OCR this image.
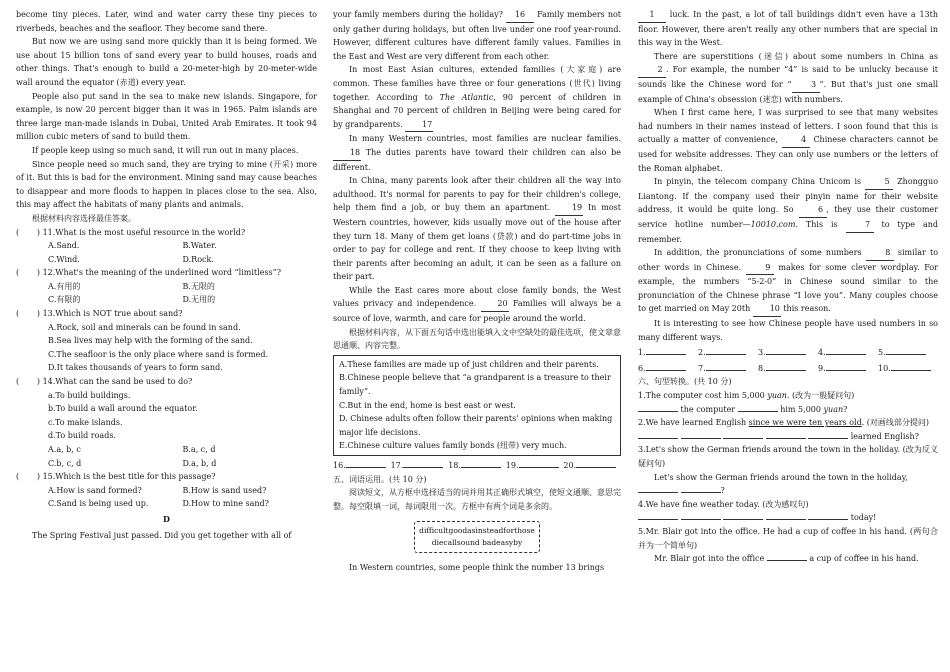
become tiny pieces. Later, wind and water carry these tiny pieces to riverbeds, beaches and the seafloor. They become sand there.

But now we are using sand more quickly than it is being formed. We use about 15 billion tons of sand every year to build houses, roads and other things. That's enough to build a 20-meter-high by 20-meter-wide wall around the equator (赤道) every year.

People also put sand in the sea to make new islands. Singapore, for example, is now 20 percent bigger than it was in 1965. Palm islands are three large man-made islands in Dubai, United Arab Emirates. It took 94 million cubic meters of sand to build them.

If people keep using so much sand, it will run out in many places.

Since people need so much sand, they are trying to mine (开采) more of it. But this is bad for the environment. Mining sand may cause beaches to disappear and more floods to happen in places close to the sea. Also, this may affect the habitats of many plants and animals.

根据材料内容选择最佳答案。

(       ) 11.What is the most useful resource in the world?

A.Sand.	B.Water.
C.Wind.	D.Rock.

(       ) 12.What's the meaning of the underlined word “limitless”?

A.有用的	B.无限的
C.有限的	D.无用的

(       ) 13.Which is NOT true about sand?

A.Rock, soil and minerals can be found in sand.

B.Sea lives may help with the forming of the sand.

C.The seafloor is the only place where sand is formed.

D.It takes thousands of years to form sand.

(       ) 14.What can the sand be used to do?

a.To build buildings.

b.To build a wall around the equator.

c.To make islands.

d.To build roads.

A.a, b, c	B.a, c, d
C.b, c, d	D.a, b, d

(       ) 15.Which is the best title for this passage?

A.How is sand formed?	B.How is sand used?
C.Sand is being used up.	D.How to mine sand?

D

The Spring Festival just passed. Did you get together with all of

your family members during the holiday? 16 Family members not only gather during holidays, but often live under one roof year-round. However, different cultures have different family values. Families in the East and West are very different from each other.

In most East Asian cultures, extended families (大家庭) are common. These families have three or four generations (世代) living together. According to The Atlantic, 90 percent of children in Shanghai and 70 percent of children in Beijing were being cared for by grandparents. 17

In many Western countries, most families are nuclear families. 18 The duties parents have toward their children can also be different.

In China, many parents look after their children all the way into adulthood. It's normal for parents to pay for their children's college, help them find a job, or buy them an apartment.	19 In most Western countries, however, kids usually move out of the house after they turn 18. Many of them get loans (贷款) and do part-time jobs in order to pay for college and rent. If they choose to keep living with their parents after becoming an adult, it can be seen as a failure on their part.

While the East cares more about close family bonds, the West values privacy and independence.	20 Families will always be a source of love, warmth, and care for people around the world.

根据材料内容，从下面五句话中选出能填入文中空缺处的最佳选项，使文章意思通顺、内容完整。

A.These families are made up of just children and their parents.

B.Chinese people believe that “a grandparent is a treasure to their family”.

C.But in the end, home is best east or west.

D. Chinese adults often follow their parents' opinions when making major life decisions.

E.Chinese culture values family bonds (纽带) very much.

16.	17.	18.	19.	20.

五、词语运用。(共 10 分)

阅读短文，从方框中选择适当的词并用其正确形式填空，使短文通顺、意思完整。每空限填一词，每词限用一次。方框中有两个词是多余的。

difficultgoodasinsteadforthose
diecallsound badeasyby

In Western countries, some people think the number 13 brings

1 luck. In the past, a lot of tall buildings didn't even have a 13th floor. However, there aren't really any other numbers that are special in this way in the West.

There are superstitions (迷信) about some numbers in China as 2 . For example, the number “4” is said to be unlucky because it sounds like the Chinese word for “ 3 ”. But that's just one small example of China's obsession (迷恋) with numbers.

When I first came here, I was surprised to see that many websites had numbers in their names instead of letters. I soon found that this is actually a matter of convenience,	4 Chinese characters cannot be used for website addresses. They can only use numbers or the letters of the Roman alphabet.

In pinyin, the telecom company China Unicom is	5 Zhongguo Liantong. If the company used their pinyin name for their website address, it would be quite long. So	6 , they use their customer service hotline number—10010.com. This is	7 to type and remember.

In addition, the pronunciations of some numbers	8 similar to other words in Chinese.	9 makes for some clever wordplay. For example, the numbers “5-2-0” in Chinese sound similar to the pronunciation of the Chinese phrase “I love you”. Many couples choose to get married on May 20th 10 this reason.

It is interesting to see how Chinese people have used numbers in so many different ways.

1.	2.	3.	4.	5.
6.	7.	8.	9.	10.

六、句型转换。(共 10 分)

1.The computer cost him 5,000 yuan. (改为一般疑问句)

the computer	him 5,000 yuan?

2.We have learned English since we were ten years old. (对画线部分提问)

learned English?

3.Let's show the German friends around the town in the holiday. (改为反义疑问句)

Let's show the German friends around the town in the holiday,

?

4.We have fine weather today. (改为感叹句)

today!

5.Mr. Blair got into the office. He had a cup of coffee in his hand. (两句合并为一个简单句)

Mr. Blair got into the office	a cup of coffee in his hand.
